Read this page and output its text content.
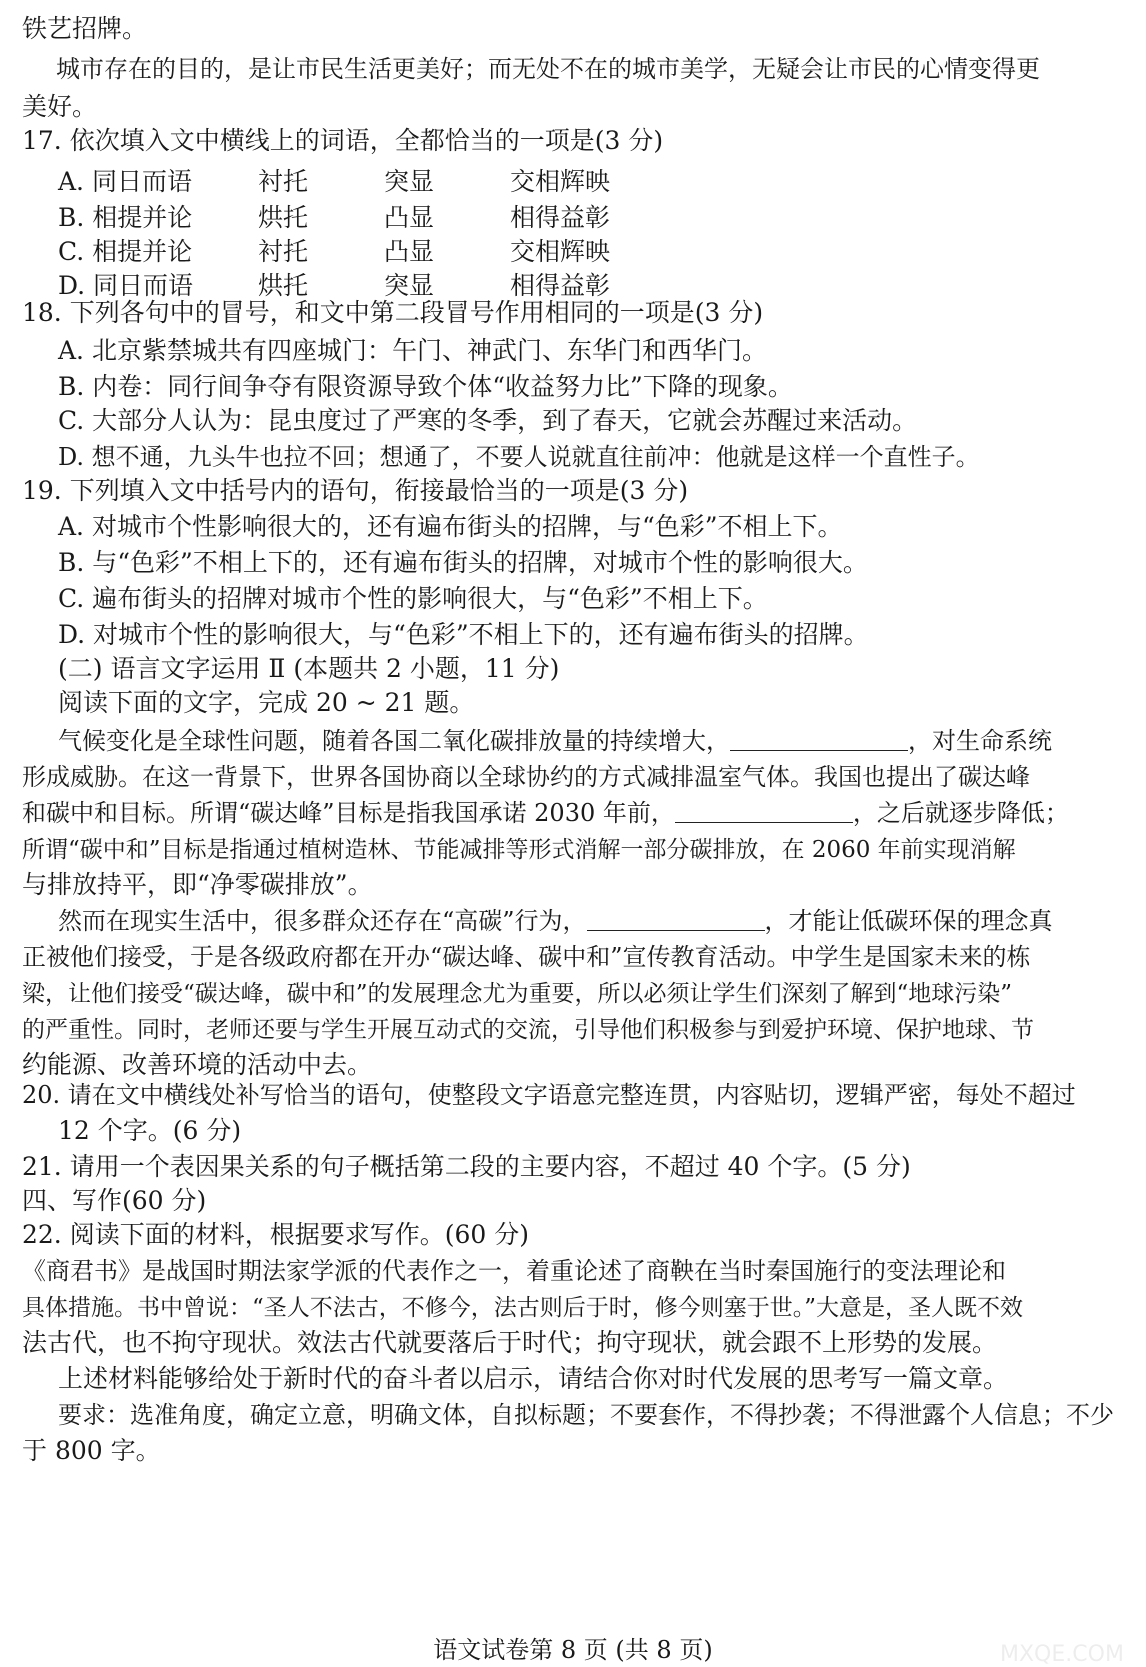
铁艺招牌。
城市存在的目的，是让市民生活更美好；而无处不在的城市美学，无疑会让市民的心情变得更
美好。
17. 依次填入文中横线上的词语，全都恰当的一项是(3 分)
A. 同日而语	衬托	突显	交相辉映
B. 相提并论	烘托	凸显	相得益彰
C. 相提并论	衬托	凸显	交相辉映
D. 同日而语	烘托	突显	相得益彰
18. 下列各句中的冒号，和文中第二段冒号作用相同的一项是(3 分)
A. 北京紫禁城共有四座城门：午门、神武门、东华门和西华门。
B. 内卷：同行间争夺有限资源导致个体“收益努力比”下降的现象。
C. 大部分人认为：昆虫度过了严寒的冬季，到了春天，它就会苏醒过来活动。
D. 想不通，九头牛也拉不回；想通了，不要人说就直往前冲：他就是这样一个直性子。
19. 下列填入文中括号内的语句，衔接最恰当的一项是(3 分)
A. 对城市个性影响很大的，还有遍布街头的招牌，与“色彩”不相上下。
B. 与“色彩”不相上下的，还有遍布街头的招牌，对城市个性的影响很大。
C. 遍布街头的招牌对城市个性的影响很大，与“色彩”不相上下。
D. 对城市个性的影响很大，与“色彩”不相上下的，还有遍布街头的招牌。
(二) 语言文字运用 Ⅱ (本题共 2 小题，11 分)
阅读下面的文字，完成 20 ~ 21 题。
气候变化是全球性问题，随着各国二氧化碳排放量的持续增大，	，对生命系统
形成威胁。在这一背景下，世界各国协商以全球协约的方式减排温室气体。我国也提出了碳达峰
和碳中和目标。所谓“碳达峰”目标是指我国承诺 2030 年前，	，之后就逐步降低；
所谓“碳中和”目标是指通过植树造林、节能减排等形式消解一部分碳排放，在 2060 年前实现消解
与排放持平，即“净零碳排放”。
然而在现实生活中，很多群众还存在“高碳”行为，	，才能让低碳环保的理念真
正被他们接受，于是各级政府都在开办“碳达峰、碳中和”宣传教育活动。中学生是国家未来的栋
梁，让他们接受“碳达峰，碳中和”的发展理念尤为重要，所以必须让学生们深刻了解到“地球污染”
的严重性。同时，老师还要与学生开展互动式的交流，引导他们积极参与到爱护环境、保护地球、节
约能源、改善环境的活动中去。
20. 请在文中横线处补写恰当的语句，使整段文字语意完整连贯，内容贴切，逻辑严密，每处不超过
12 个字。(6 分)
21. 请用一个表因果关系的句子概括第二段的主要内容，不超过 40 个字。(5 分)
四、写作(60 分)
22. 阅读下面的材料，根据要求写作。(60 分)
《商君书》是战国时期法家学派的代表作之一，着重论述了商鞅在当时秦国施行的变法理论和
具体措施。书中曾说：“圣人不法古，不修今，法古则后于时，修今则塞于世。”大意是，圣人既不效
法古代，也不拘守现状。效法古代就要落后于时代；拘守现状，就会跟不上形势的发展。
上述材料能够给处于新时代的奋斗者以启示，请结合你对时代发展的思考写一篇文章。
要求：选准角度，确定立意，明确文体，自拟标题；不要套作，不得抄袭；不得泄露个人信息；不少
于 800 字。
语文试卷第 8 页 (共 8 页)	MXQE.COM
